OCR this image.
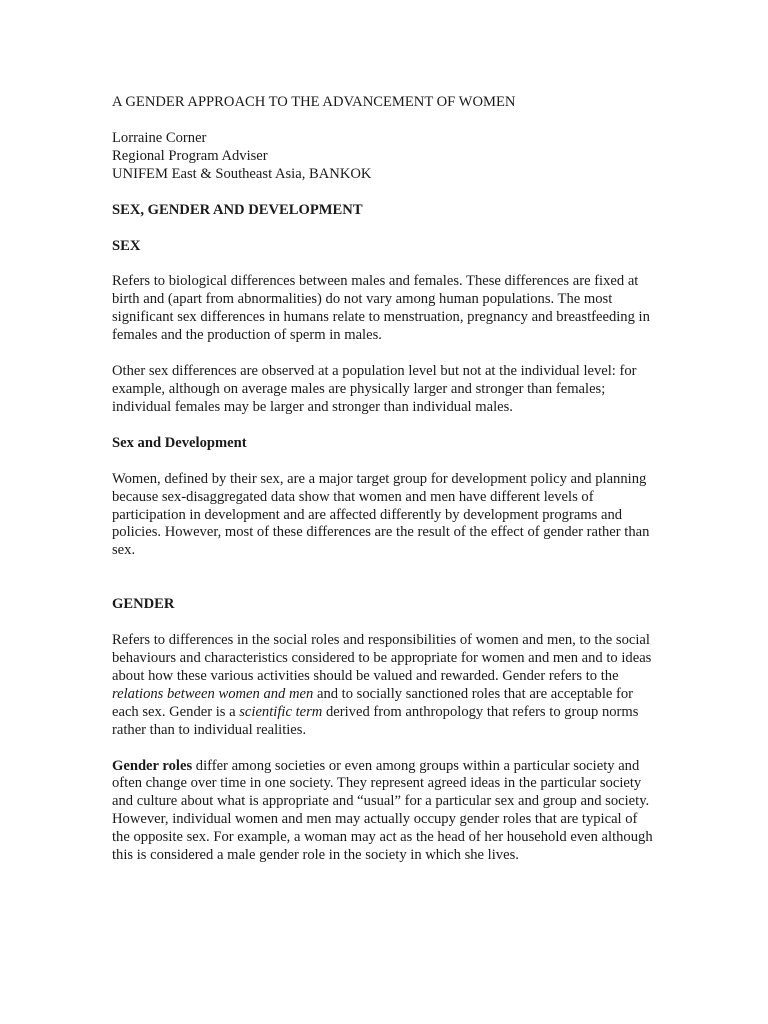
A GENDER APPROACH TO THE ADVANCEMENT OF WOMEN

Lorraine Corner

Regional Program Adviser

UNIFEM East & Southeast Asia, BANKOK

SEX, GENDER AND DEVELOPMENT

SEX

Refers to biological differences between males and females. These differences are fixed at birth and (apart from abnormalities) do not vary among human populations. The most significant sex differences in humans relate to menstruation, pregnancy and breastfeeding in females and the production of sperm in males.

Other sex differences are observed at a population level but not at the individual level: for example, although on average males are physically larger and stronger than females; individual females may be larger and stronger than individual males.

Sex and Development

Women, defined by their sex, are a major target group for development policy and planning because sex-disaggregated data show that women and men have different levels of participation in development and are affected differently by development programs and policies. However, most of these differences are the result of the effect of gender rather than sex.

GENDER

Refers to differences in the social roles and responsibilities of women and men, to the social behaviours and characteristics considered to be appropriate for women and men and to ideas about how these various activities should be valued and rewarded. Gender refers to the relations between women and men and to socially sanctioned roles that are acceptable for each sex. Gender is a scientific term derived from anthropology that refers to group norms rather than to individual realities.

Gender roles differ among societies or even among groups within a particular society and often change over time in one society. They represent agreed ideas in the particular society and culture about what is appropriate and “usual” for a particular sex and group and society. However, individual women and men may actually occupy gender roles that are typical of the opposite sex. For example, a woman may act as the head of her household even although this is considered a male gender role in the society in which she lives.
